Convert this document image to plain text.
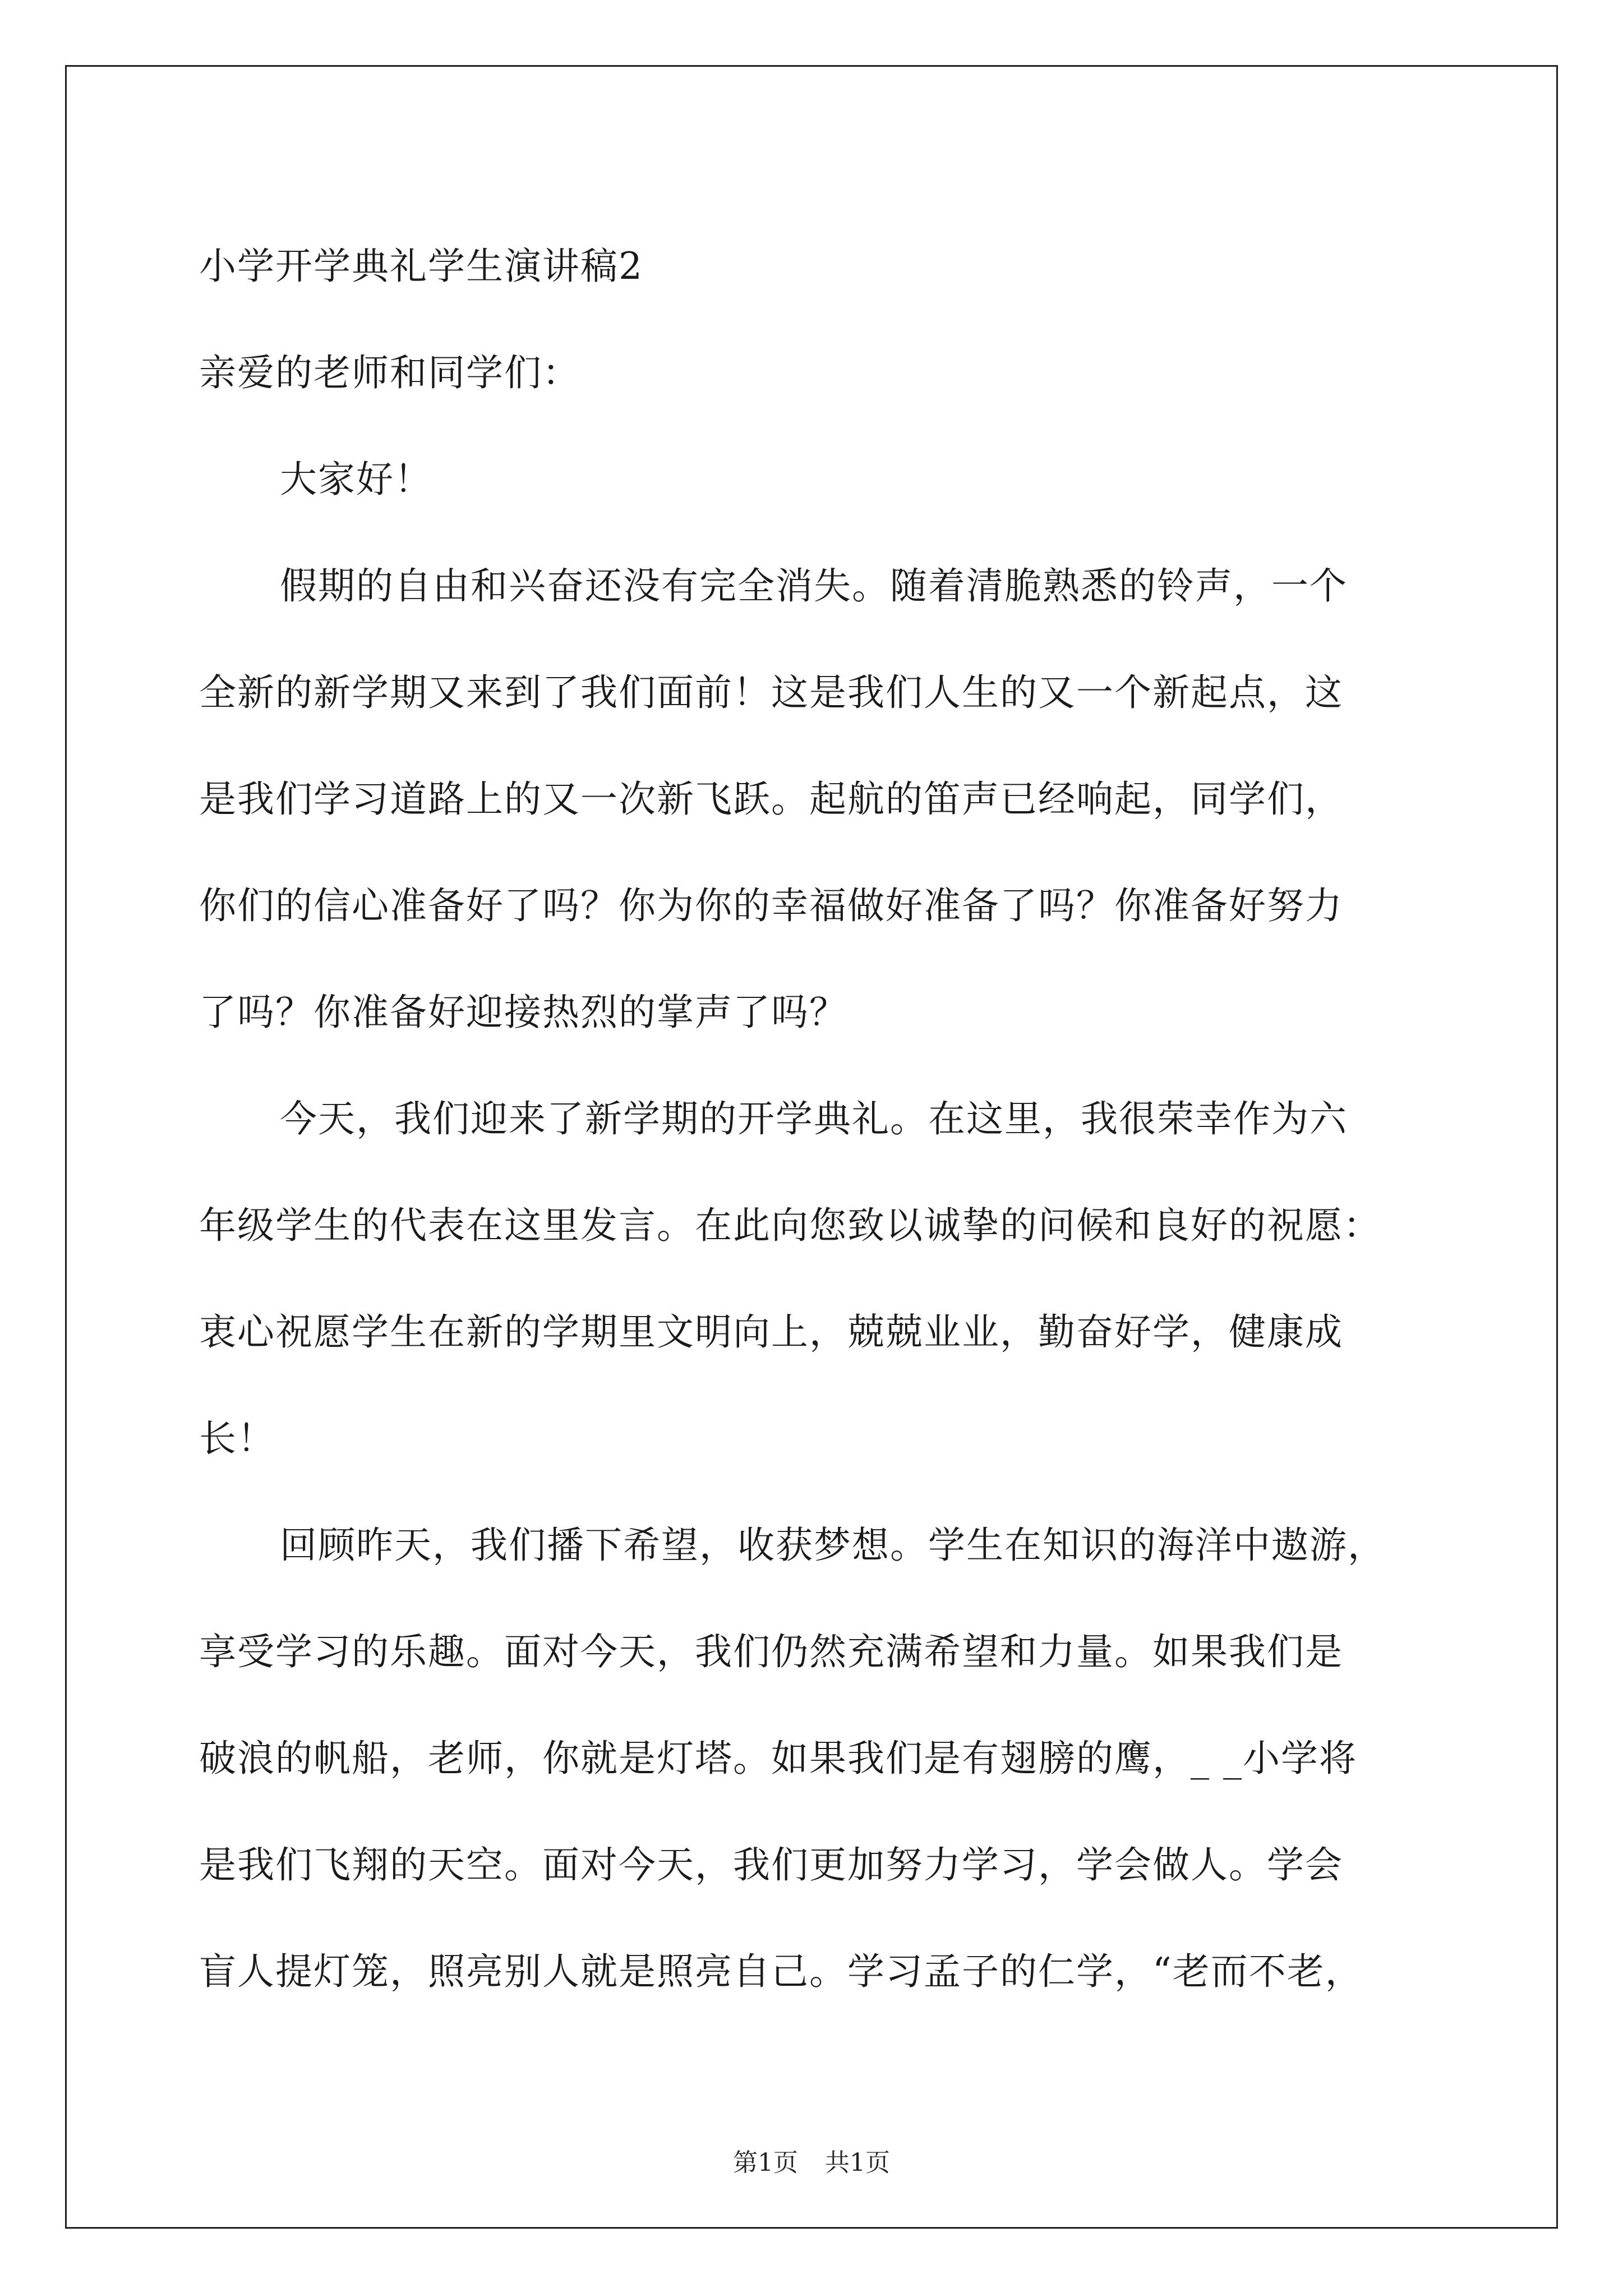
小学开学典礼学生演讲稿2
亲爱的老师和同学们：
大家好！
假期的自由和兴奋还没有完全消失。随着清脆熟悉的铃声，一个
全新的新学期又来到了我们面前！这是我们人生的又一个新起点，这
是我们学习道路上的又一次新飞跃。起航的笛声已经响起，同学们，
你们的信心准备好了吗？你为你的幸福做好准备了吗？你准备好努力
了吗？你准备好迎接热烈的掌声了吗？
今天，我们迎来了新学期的开学典礼。在这里，我很荣幸作为六
年级学生的代表在这里发言。在此向您致以诚挚的问候和良好的祝愿：
衷心祝愿学生在新的学期里文明向上，兢兢业业，勤奋好学，健康成
长！
回顾昨天，我们播下希望，收获梦想。学生在知识的海洋中遨游，
享受学习的乐趣。面对今天，我们仍然充满希望和力量。如果我们是
破浪的帆船，老师，你就是灯塔。如果我们是有翅膀的鹰，_ _小学将
是我们飞翔的天空。面对今天，我们更加努力学习，学会做人。学会
盲人提灯笼，照亮别人就是照亮自己。学习孟子的仁学，“老而不老，
第1页 共1页
